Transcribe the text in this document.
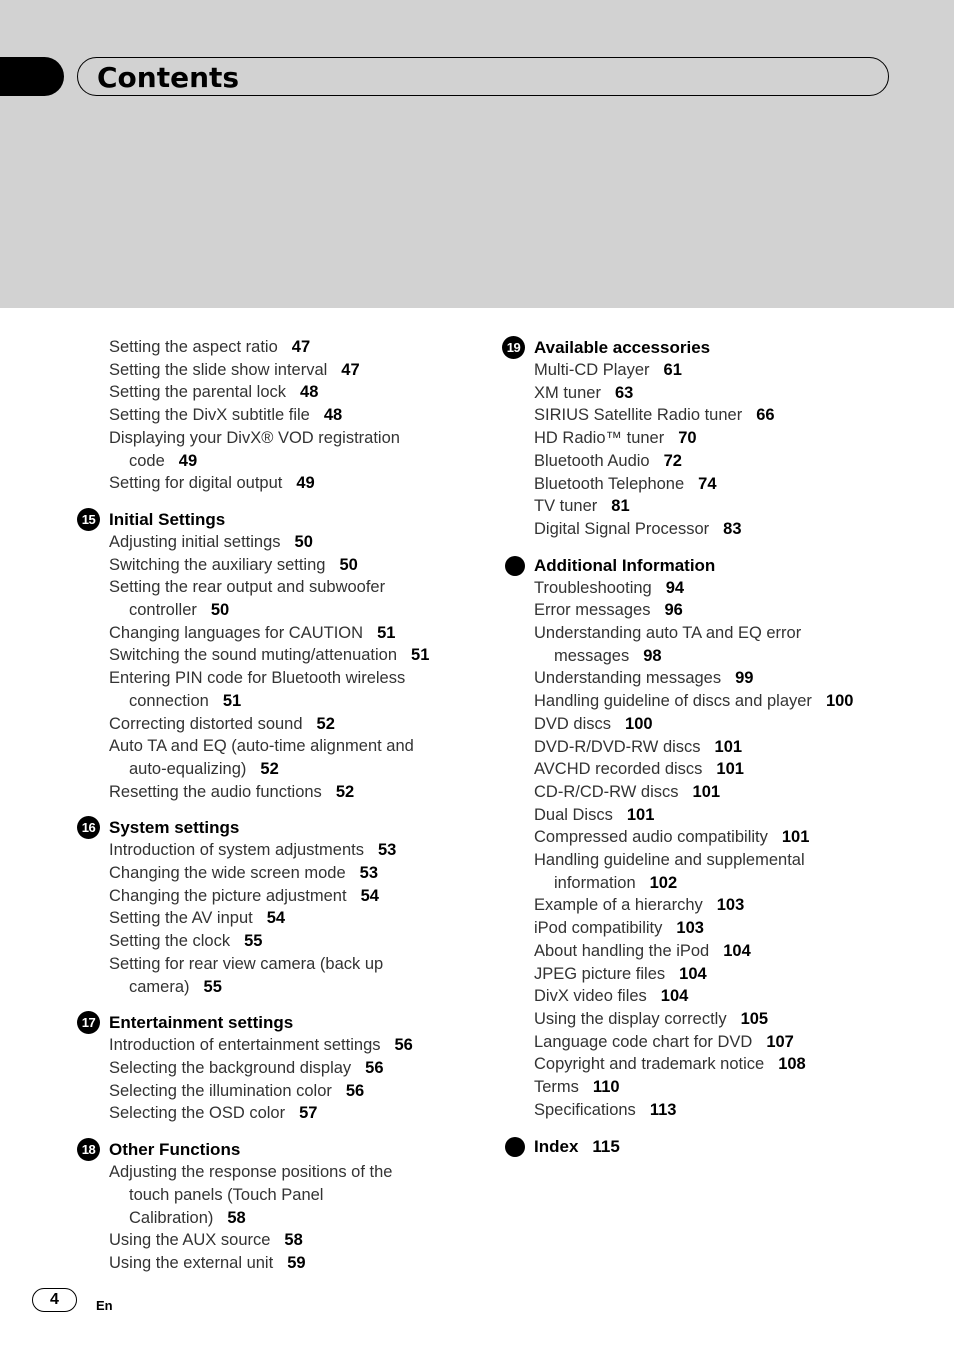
Contents
Setting the aspect ratio 47
Setting the slide show interval 47
Setting the parental lock 48
Setting the DivX subtitle file 48
Displaying your DivX® VOD registration
code 49
Setting for digital output 49
15 Initial Settings
Adjusting initial settings 50
Switching the auxiliary setting 50
Setting the rear output and subwoofer
controller 50
Changing languages for CAUTION 51
Switching the sound muting/attenuation 51
Entering PIN code for Bluetooth wireless
connection 51
Correcting distorted sound 52
Auto TA and EQ (auto-time alignment and
auto-equalizing) 52
Resetting the audio functions 52
16 System settings
Introduction of system adjustments 53
Changing the wide screen mode 53
Changing the picture adjustment 54
Setting the AV input 54
Setting the clock 55
Setting for rear view camera (back up
camera) 55
17 Entertainment settings
Introduction of entertainment settings 56
Selecting the background display 56
Selecting the illumination color 56
Selecting the OSD color 57
18 Other Functions
Adjusting the response positions of the
touch panels (Touch Panel
Calibration) 58
Using the AUX source 58
Using the external unit 59
19 Available accessories
Multi-CD Player 61
XM tuner 63
SIRIUS Satellite Radio tuner 66
HD Radio™ tuner 70
Bluetooth Audio 72
Bluetooth Telephone 74
TV tuner 81
Digital Signal Processor 83
Additional Information
Troubleshooting 94
Error messages 96
Understanding auto TA and EQ error
messages 98
Understanding messages 99
Handling guideline of discs and player 100
DVD discs 100
DVD-R/DVD-RW discs 101
AVCHD recorded discs 101
CD-R/CD-RW discs 101
Dual Discs 101
Compressed audio compatibility 101
Handling guideline and supplemental
information 102
Example of a hierarchy 103
iPod compatibility 103
About handling the iPod 104
JPEG picture files 104
DivX video files 104
Using the display correctly 105
Language code chart for DVD 107
Copyright and trademark notice 108
Terms 110
Specifications 113
Index 115
4	En
